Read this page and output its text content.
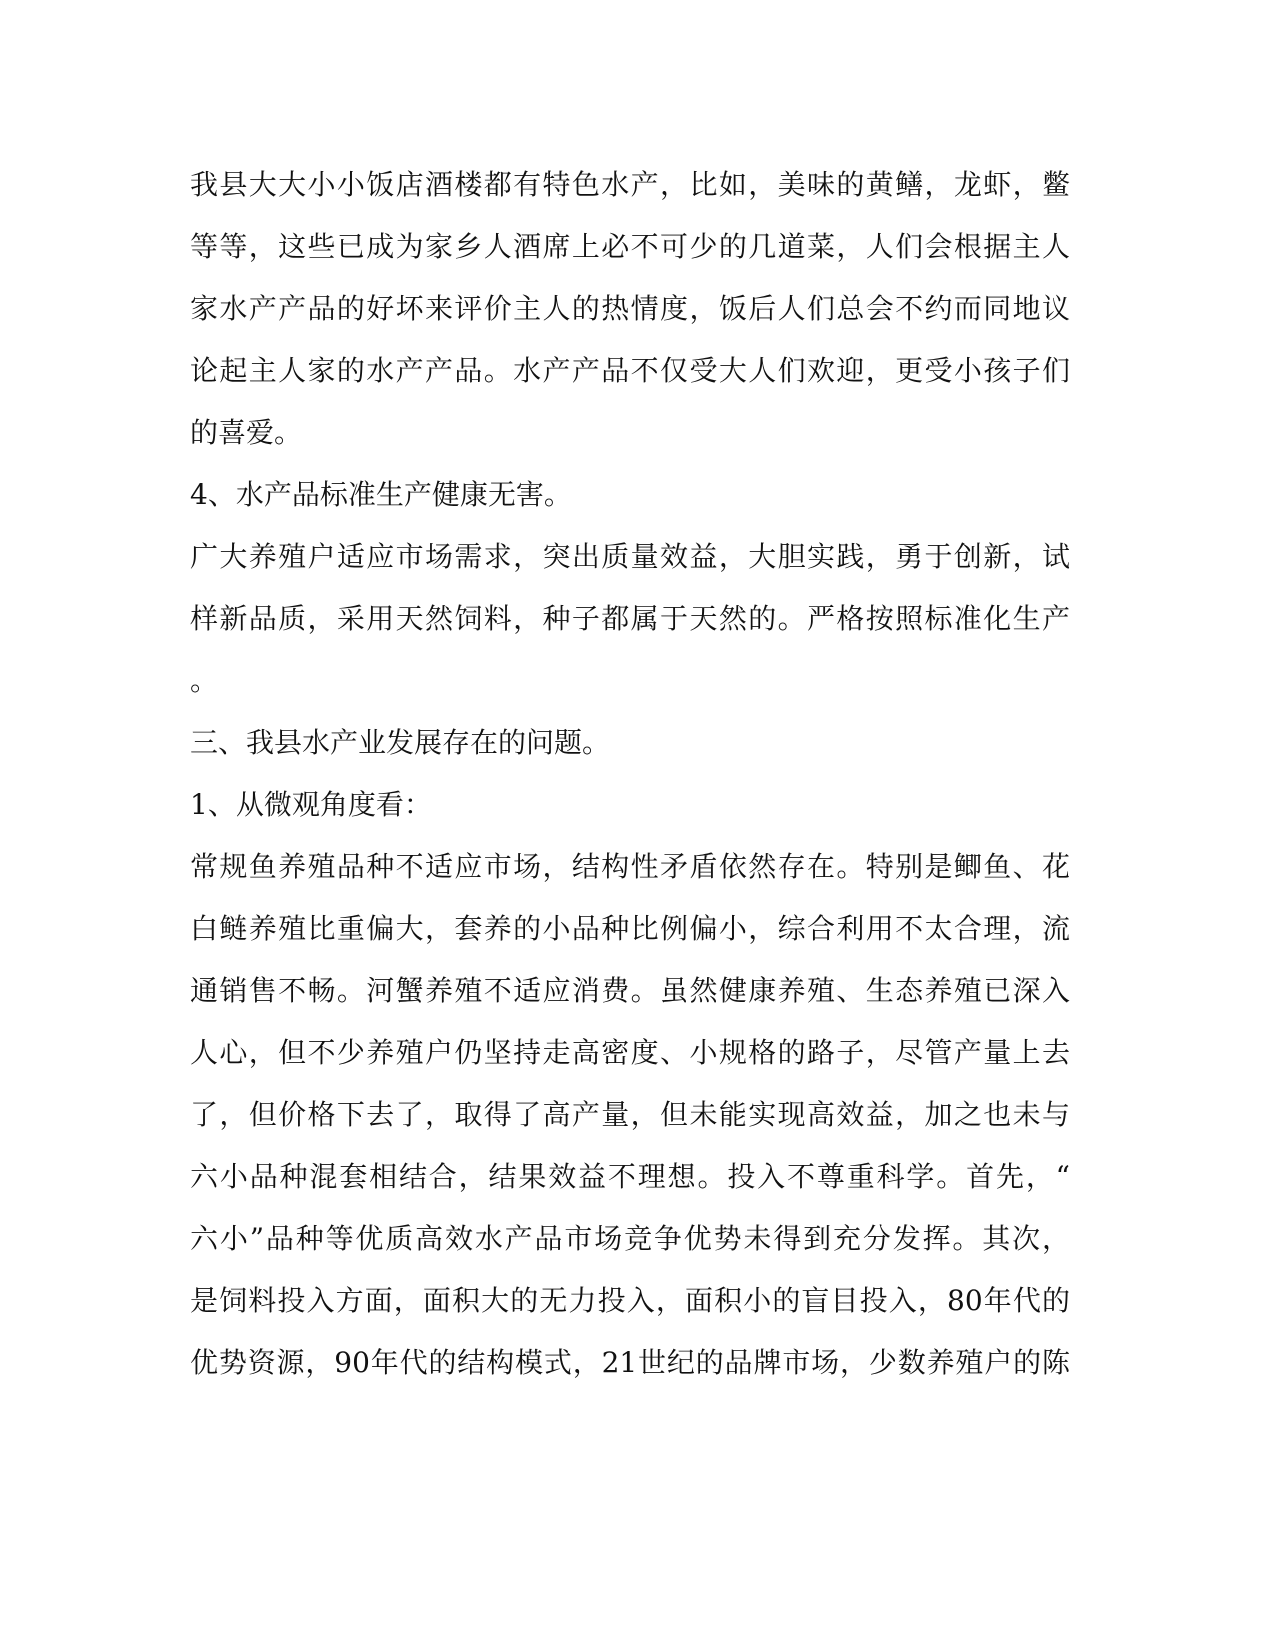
我县大大小小饭店酒楼都有特色水产，比如，美味的黄鳝，龙虾，鳖
等等，这些已成为家乡人酒席上必不可少的几道菜，人们会根据主人
家水产产品的好坏来评价主人的热情度，饭后人们总会不约而同地议
论起主人家的水产产品。水产产品不仅受大人们欢迎，更受小孩子们
的喜爱。
4、水产品标准生产健康无害。
广大养殖户适应市场需求，突出质量效益，大胆实践，勇于创新，试
样新品质，采用天然饲料，种子都属于天然的。严格按照标准化生产
。
三、我县水产业发展存在的问题。
1、从微观角度看：
常规鱼养殖品种不适应市场，结构性矛盾依然存在。特别是鲫鱼、花
白鲢养殖比重偏大，套养的小品种比例偏小，综合利用不太合理，流
通销售不畅。河蟹养殖不适应消费。虽然健康养殖、生态养殖已深入
人心，但不少养殖户仍坚持走高密度、小规格的路子，尽管产量上去
了，但价格下去了，取得了高产量，但未能实现高效益，加之也未与
六小品种混套相结合，结果效益不理想。投入不尊重科学。首先，“
六小”品种等优质高效水产品市场竞争优势未得到充分发挥。其次，
是饲料投入方面，面积大的无力投入，面积小的盲目投入，80年代的
优势资源，90年代的结构模式，21世纪的品牌市场，少数养殖户的陈
